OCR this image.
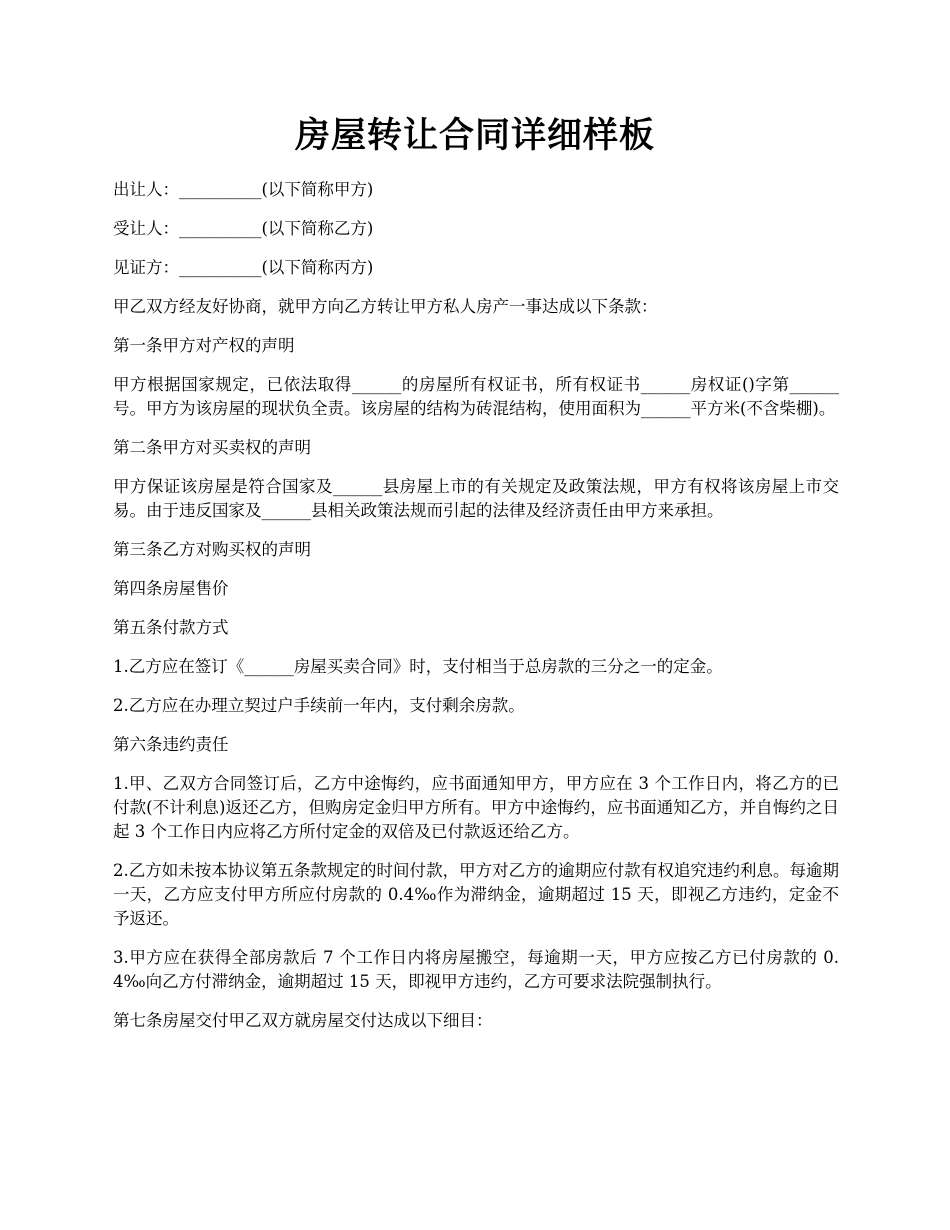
房屋转让合同详细样板

出让人：__________(以下简称甲方)

受让人：__________(以下简称乙方)

见证方：__________(以下简称丙方)

甲乙双方经友好协商，就甲方向乙方转让甲方私人房产一事达成以下条款：

第一条甲方对产权的声明

甲方根据国家规定，已依法取得______的房屋所有权证书，所有权证书______房权证()字第______号。甲方为该房屋的现状负全责。该房屋的结构为砖混结构，使用面积为______平方米(不含柴棚)。

第二条甲方对买卖权的声明

甲方保证该房屋是符合国家及______县房屋上市的有关规定及政策法规，甲方有权将该房屋上市交易。由于违反国家及______县相关政策法规而引起的法律及经济责任由甲方来承担。

第三条乙方对购买权的声明

第四条房屋售价

第五条付款方式

1.乙方应在签订《______房屋买卖合同》时，支付相当于总房款的三分之一的定金。

2.乙方应在办理立契过户手续前一年内，支付剩余房款。

第六条违约责任

1.甲、乙双方合同签订后，乙方中途悔约，应书面通知甲方，甲方应在 3 个工作日内，将乙方的已付款(不计利息)返还乙方，但购房定金归甲方所有。甲方中途悔约，应书面通知乙方，并自悔约之日起 3 个工作日内应将乙方所付定金的双倍及已付款返还给乙方。

2.乙方如未按本协议第五条款规定的时间付款，甲方对乙方的逾期应付款有权追究违约利息。每逾期一天，乙方应支付甲方所应付房款的 0.4‰作为滞纳金，逾期超过 15 天，即视乙方违约，定金不予返还。

3.甲方应在获得全部房款后 7 个工作日内将房屋搬空，每逾期一天，甲方应按乙方已付房款的 0.4‰向乙方付滞纳金，逾期超过 15 天，即视甲方违约，乙方可要求法院强制执行。

第七条房屋交付甲乙双方就房屋交付达成以下细目：
